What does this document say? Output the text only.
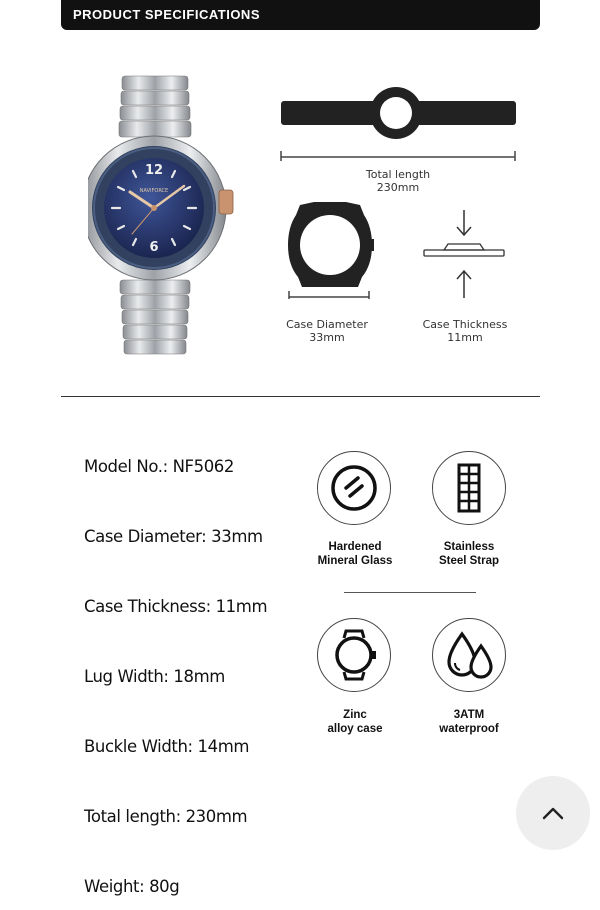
PRODUCT SPECIFICATIONS
12
6
NAVIFORCE
Total length
230mm
Case Diameter
33mm
Case Thickness
11mm
Model No.: NF5062
Case Diameter: 33mm
Case Thickness: 11mm
Lug Width: 18mm
Buckle Width: 14mm
Total length: 230mm
Weight: 80g
Hardened
Mineral Glass
Stainless
Steel Strap
Zinc
alloy case
3ATM
waterproof
